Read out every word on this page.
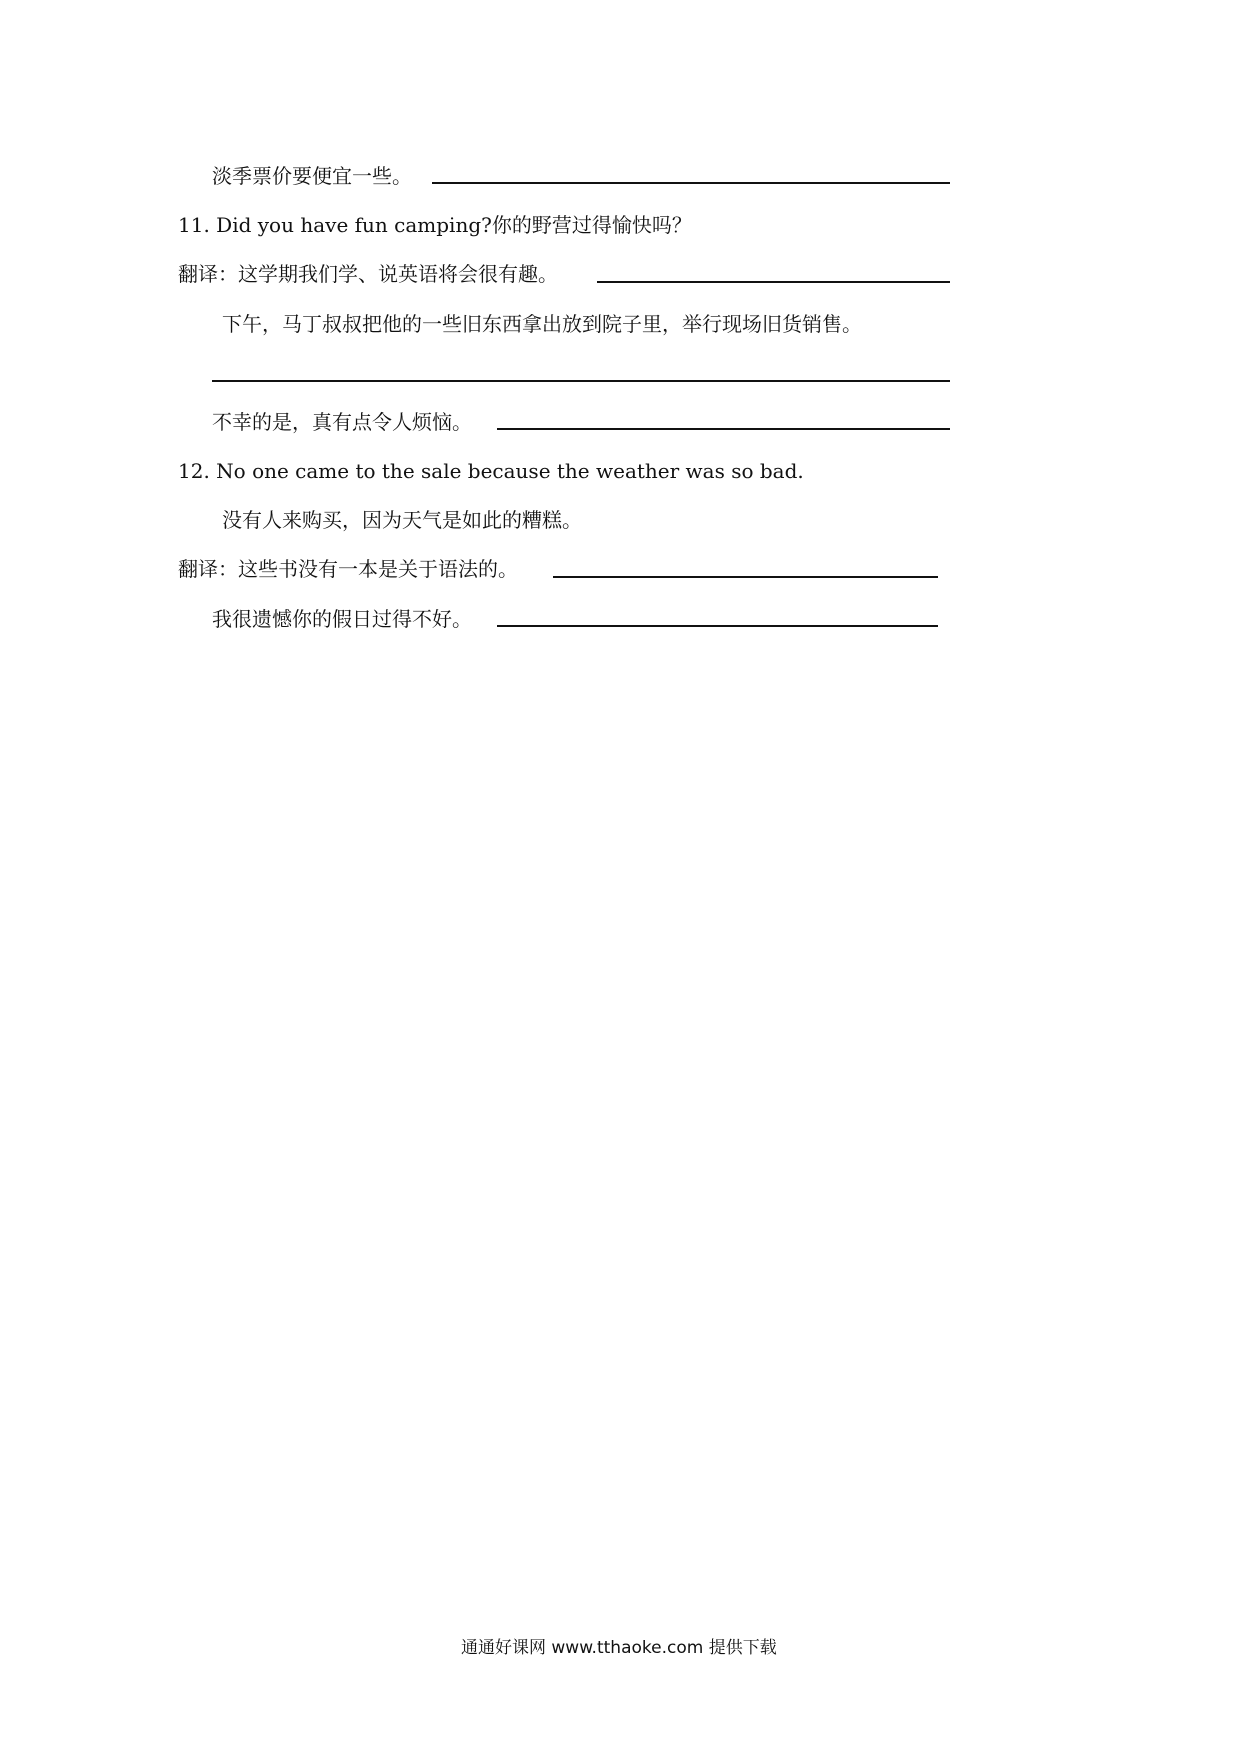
淡季票价要便宜一些。
11. Did you have fun camping?你的野营过得愉快吗？
翻译：这学期我们学、说英语将会很有趣。
下午，马丁叔叔把他的一些旧东西拿出放到院子里，举行现场旧货销售。
不幸的是，真有点令人烦恼。
12. No one came to the sale because the weather was so bad.
没有人来购买，因为天气是如此的糟糕。
翻译：这些书没有一本是关于语法的。
我很遗憾你的假日过得不好。
通通好课网 www.tthaoke.com 提供下载
